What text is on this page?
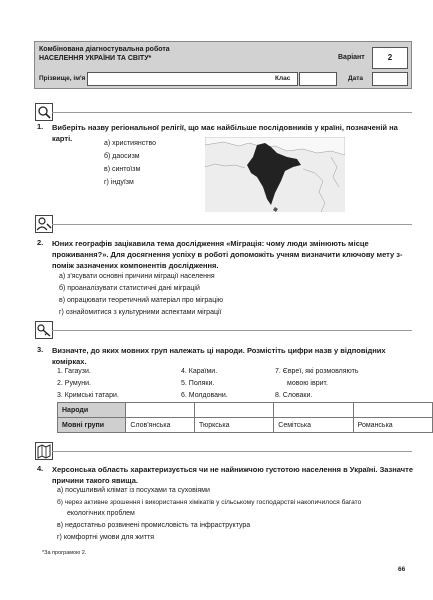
Комбінована діагностувальна робота
НАСЕЛЕННЯ УКРАЇНИ ТА СВІТУ*	Варіант	2
Прізвище, ім'я	Клас	Дата
1. Виберіть назву регіональної релігії, що має найбільше послідовників у країні, позначеній на карті.
а) християнство
б) даосизм
в) синтоїзм
г) індуїзм
2. Юних географів зацікавила тема дослідження «Міграція: чому люди змінюють місце проживання?». Для досягнення успіху в роботі допоможіть учням визначити ключову мету з-поміж зазначених компонентів дослідження.
а) з'ясувати основні причини міграції населення
б) проаналізувати статистичні дані міграцій
в) опрацювати теоретичний матеріал про міграцію
г) ознайомитися з культурними аспектами міграції
3. Визначте, до яких мовних груп належать ці народи. Розмістіть цифри назв у відповідних комірках.
1. Гагаузи.
2. Румуни.
3. Кримські татари.
4. Караїми.
5. Поляки.
6. Молдовани.
7. Євреї, які розмовляють
мовою іврит.
8. Словаки.
Народи				
Мовні групи	Слов'янська	Тюркська	Семітська	Романська
4. Херсонська область характеризується чи не найнижчою густотою населення в Україні. Зазначте причини такого явища.
а) посушливий клімат із посухами та суховіями
б) через активне зрошення і використання хімікатів у сільському господарстві накопичилося багато
екологічних проблем
в) недостатньо розвинені промисловість та інфраструктура
г) комфортні умови для життя
*За програмою 2.
66
